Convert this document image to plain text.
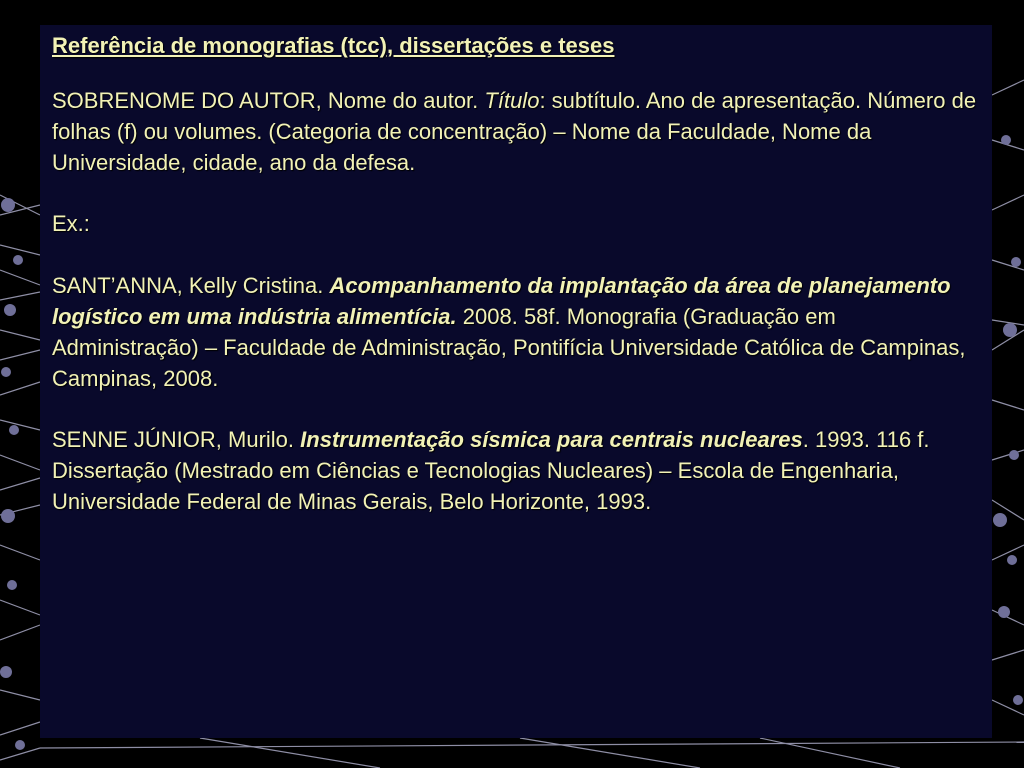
Referência de monografias (tcc), dissertações e teses

SOBRENOME DO AUTOR, Nome do autor. Título: subtítulo. Ano de apresentação. Número de folhas (f) ou volumes. (Categoria de concentração) – Nome da Faculdade, Nome da Universidade, cidade, ano da defesa.

Ex.:

SANT’ANNA, Kelly Cristina. Acompanhamento da implantação da área de planejamento logístico em uma indústria alimentícia. 2008. 58f. Monografia (Graduação em Administração) – Faculdade de Administração, Pontifícia Universidade Católica de Campinas, Campinas, 2008.

SENNE JÚNIOR, Murilo. Instrumentação sísmica para centrais nucleares. 1993. 116 f. Dissertação (Mestrado em Ciências e Tecnologias Nucleares) – Escola de Engenharia, Universidade Federal de Minas Gerais, Belo Horizonte, 1993.
